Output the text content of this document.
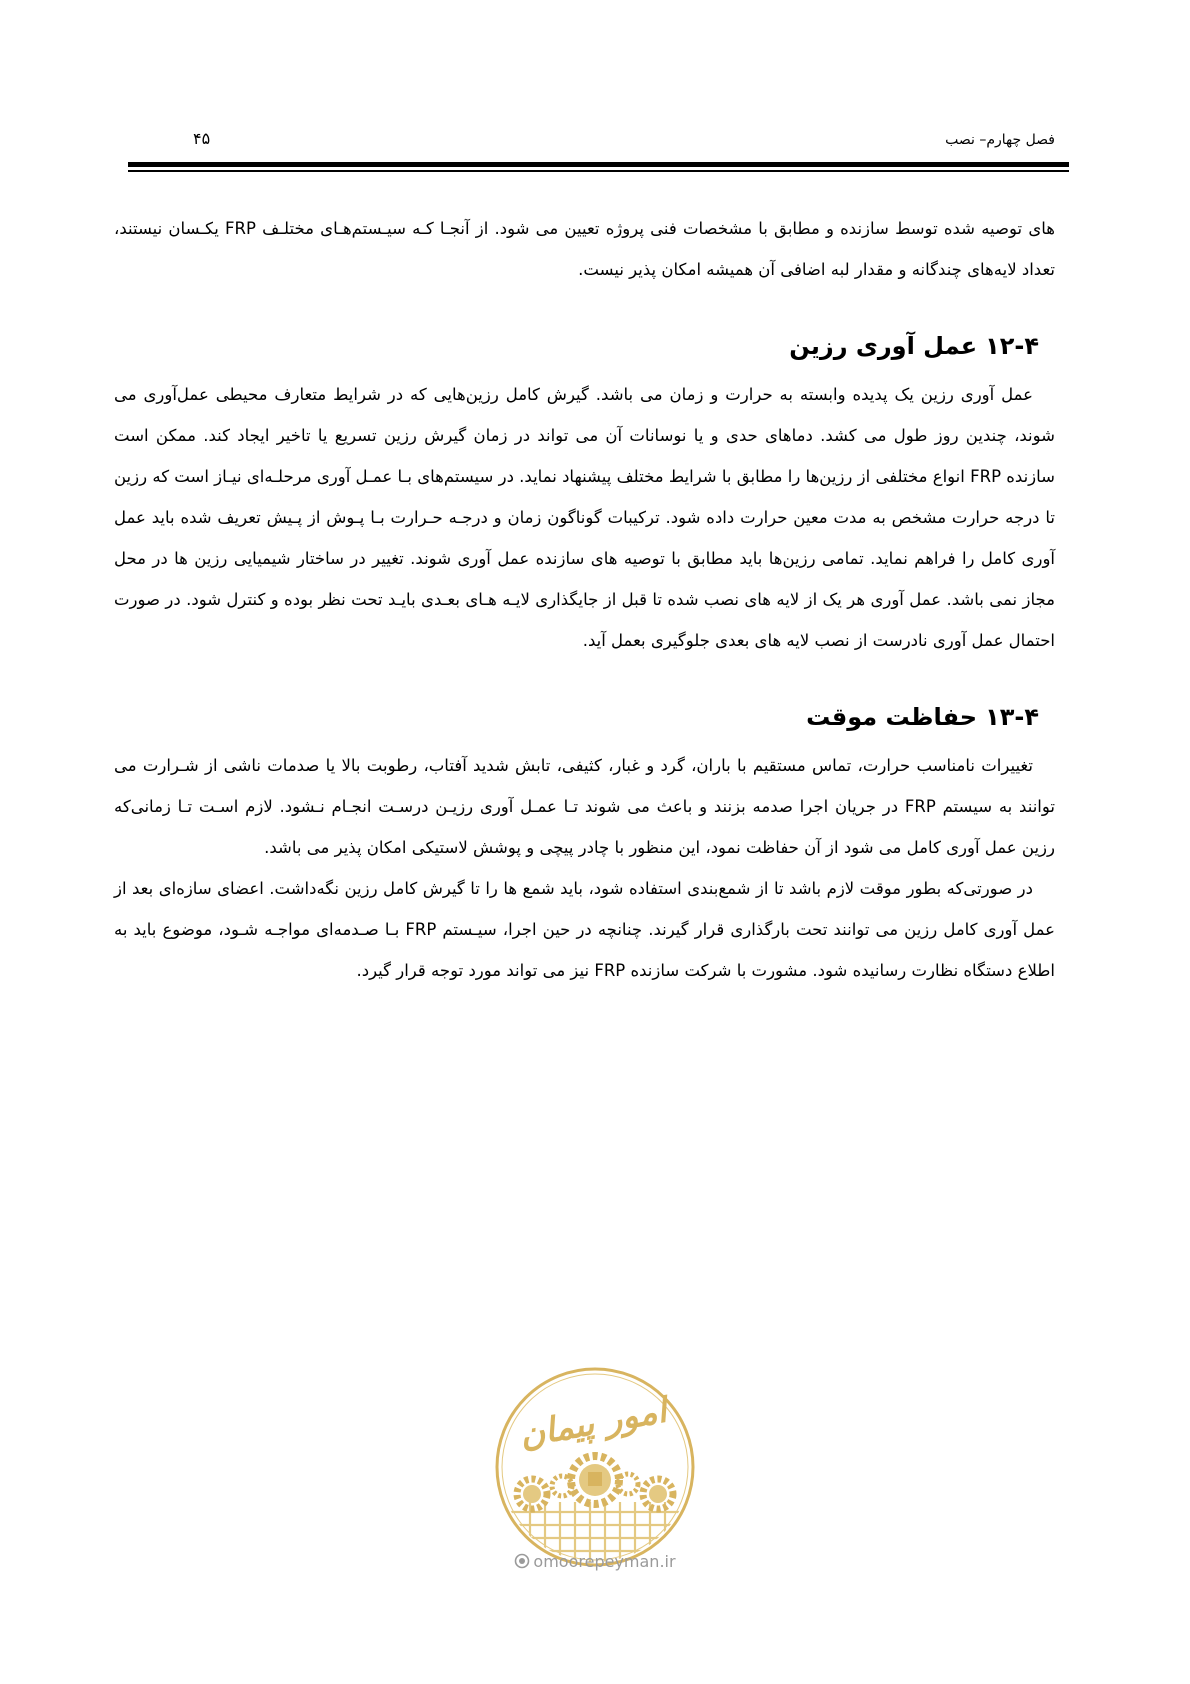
فصل چهارم– نصب
۴۵

های توصیه شده توسط سازنده و مطابق با مشخصات فنی پروژه تعیین می شود. از آنجـا کـه سیـستم‌هـای مختلـف FRP یکـسان نیستند، تعداد لایه‌های چندگانه و مقدار لبه اضافی آن همیشه امکان پذیر نیست.

۱۲-۴عمل آوری رزین

عمل آوری رزین یک پدیده وابسته به حرارت و زمان می باشد. گیرش کامل رزین‌هایی که در شرایط متعارف محیطی عمل‌آوری می شوند، چندین روز طول می کشد. دماهای حدی و یا نوسانات آن می تواند در زمان گیرش رزین تسریع یا تاخیر ایجاد کند. ممکن است سازنده FRP انواع مختلفی از رزین‌ها را مطابق با شرایط مختلف پیشنهاد نماید. در سیستم‌های بـا عمـل آوری مرحلـه‌ای نیـاز است که رزین تا درجه حرارت مشخص به مدت معین حرارت داده شود. ترکیبات گوناگون زمان و درجـه حـرارت بـا پـوش از پـیش تعریف شده باید عمل آوری کامل را فراهم نماید. تمامی رزین‌ها باید مطابق با توصیه های سازنده عمل آوری شوند. تغییر در ساختار شیمیایی رزین ها در محل مجاز نمی باشد. عمل آوری هر یک از لایه های نصب شده تا قبل از جایگذاری لایـه هـای بعـدی بایـد تحت نظر بوده و کنترل شود. در صورت احتمال عمل آوری نادرست از نصب لایه های بعدی جلوگیری بعمل آید.

۱۳-۴حفاظت موقت

تغییرات نامناسب حرارت، تماس مستقیم با باران، گرد و غبار، کثیفی، تابش شدید آفتاب، رطوبت بالا یا صدمات ناشی از شـرارت می توانند به سیستم FRP در جریان اجرا صدمه بزنند و باعث می شوند تـا عمـل آوری رزیـن درسـت انجـام نـشود. لازم اسـت تـا زمانی‌که رزین عمل آوری کامل می شود از آن حفاظت نمود، این منظور با چادر پیچی و پوشش لاستیکی امکان پذیر می باشد.

در صورتی‌که بطور موقت لازم باشد تا از شمع‌بندی استفاده شود، باید شمع ها را تا گیرش کامل رزین نگه‌داشت. اعضای سازه‌ای بعد از عمل آوری کامل رزین می توانند تحت بارگذاری قرار گیرند. چنانچه در حین اجرا، سیـستم FRP بـا صـدمه‌ای مواجـه شـود، موضوع باید به اطلاع دستگاه نظارت رسانیده شود. مشورت با شرکت سازنده FRP نیز می تواند مورد توجه قرار گیرد.

امور پیمان
omoorepeyman.ir
